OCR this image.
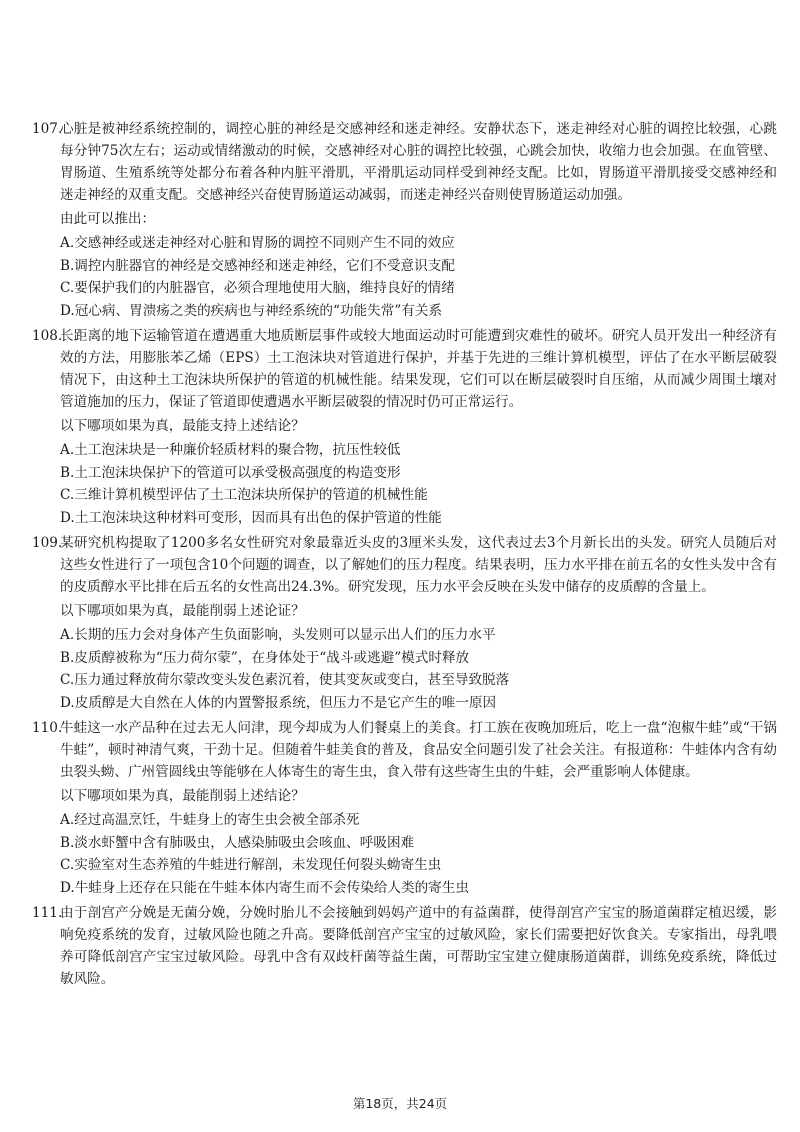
107.
心脏是被神经系统控制的，调控心脏的神经是交感神经和迷走神经。安静状态下，迷走神经对心脏的调控比较强，心跳每分钟75次左右；运动或情绪激动的时候，交感神经对心脏的调控比较强，心跳会加快，收缩力也会加强。在血管壁、胃肠道、生殖系统等处都分布着各种内脏平滑肌，平滑肌运动同样受到神经支配。比如，胃肠道平滑肌接受交感神经和迷走神经的双重支配。交感神经兴奋使胃肠道运动减弱，而迷走神经兴奋则使胃肠道运动加强。
由此可以推出：
A.交感神经或迷走神经对心脏和胃肠的调控不同则产生不同的效应
B.调控内脏器官的神经是交感神经和迷走神经，它们不受意识支配
C.要保护我们的内脏器官，必须合理地使用大脑，维持良好的情绪
D.冠心病、胃溃疡之类的疾病也与神经系统的“功能失常”有关系
108.
长距离的地下运输管道在遭遇重大地质断层事件或较大地面运动时可能遭到灾难性的破坏。研究人员开发出一种经济有效的方法，用膨胀苯乙烯（EPS）土工泡沫块对管道进行保护，并基于先进的三维计算机模型，评估了在水平断层破裂情况下，由这种土工泡沫块所保护的管道的机械性能。结果发现，它们可以在断层破裂时自压缩，从而减少周围土壤对管道施加的压力，保证了管道即使遭遇水平断层破裂的情况时仍可正常运行。
以下哪项如果为真，最能支持上述结论？
A.土工泡沫块是一种廉价轻质材料的聚合物，抗压性较低
B.土工泡沫块保护下的管道可以承受极高强度的构造变形
C.三维计算机模型评估了土工泡沫块所保护的管道的机械性能
D.土工泡沫块这种材料可变形，因而具有出色的保护管道的性能
109.
某研究机构提取了1200多名女性研究对象最靠近头皮的3厘米头发，这代表过去3个月新长出的头发。研究人员随后对这些女性进行了一项包含10个问题的调查，以了解她们的压力程度。结果表明，压力水平排在前五名的女性头发中含有的皮质醇水平比排在后五名的女性高出24.3%。研究发现，压力水平会反映在头发中储存的皮质醇的含量上。
以下哪项如果为真，最能削弱上述论证？
A.长期的压力会对身体产生负面影响，头发则可以显示出人们的压力水平
B.皮质醇被称为“压力荷尔蒙”，在身体处于“战斗或逃避”模式时释放
C.压力通过释放荷尔蒙改变头发色素沉着，使其变灰或变白，甚至导致脱落
D.皮质醇是大自然在人体的内置警报系统，但压力不是它产生的唯一原因
110.
牛蛙这一水产品种在过去无人问津，现今却成为人们餐桌上的美食。打工族在夜晚加班后，吃上一盘“泡椒牛蛙”或“干锅牛蛙”，顿时神清气爽，干劲十足。但随着牛蛙美食的普及，食品安全问题引发了社会关注。有报道称：牛蛙体内含有幼虫裂头蚴、广州管圆线虫等能够在人体寄生的寄生虫，食入带有这些寄生虫的牛蛙，会严重影响人体健康。
以下哪项如果为真，最能削弱上述结论？
A.经过高温烹饪，牛蛙身上的寄生虫会被全部杀死
B.淡水虾蟹中含有肺吸虫，人感染肺吸虫会咳血、呼吸困难
C.实验室对生态养殖的牛蛙进行解剖，未发现任何裂头蚴寄生虫
D.牛蛙身上还存在只能在牛蛙本体内寄生而不会传染给人类的寄生虫
111.
由于剖宫产分娩是无菌分娩，分娩时胎儿不会接触到妈妈产道中的有益菌群，使得剖宫产宝宝的肠道菌群定植迟缓，影响免疫系统的发育，过敏风险也随之升高。要降低剖宫产宝宝的过敏风险，家长们需要把好饮食关。专家指出，母乳喂养可降低剖宫产宝宝过敏风险。母乳中含有双歧杆菌等益生菌，可帮助宝宝建立健康肠道菌群，训练免疫系统，降低过敏风险。
第18页，共24页
